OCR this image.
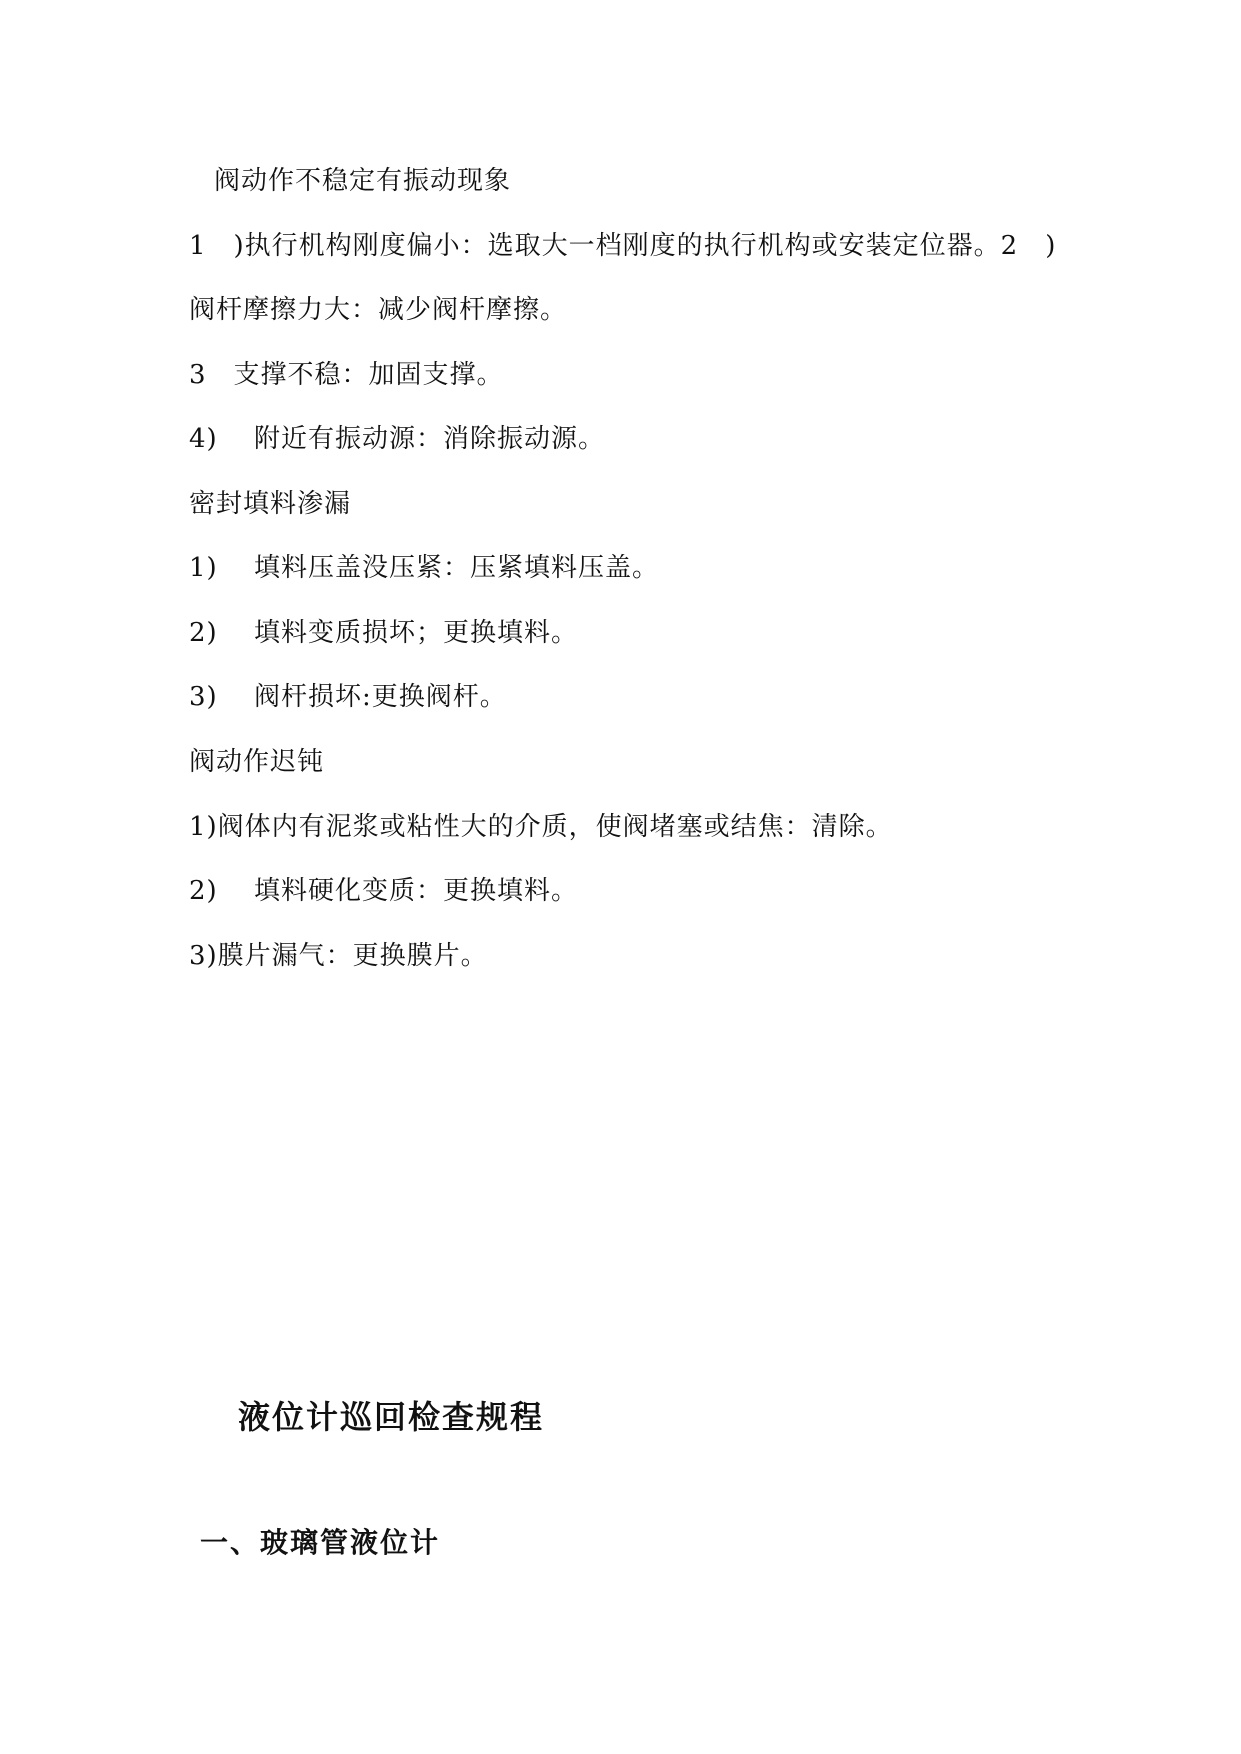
阀动作不稳定有振动现象
1　)执行机构刚度偏小：选取大一档刚度的执行机构或安装定位器。2　)
阀杆摩擦力大：减少阀杆摩擦。
3　支撑不稳：加固支撑。
4)　 附近有振动源：消除振动源。
密封填料渗漏
1)　 填料压盖没压紧：压紧填料压盖。
2)　 填料变质损坏；更换填料。
3)　 阀杆损坏:更换阀杆。
阀动作迟钝
1)阀体内有泥浆或粘性大的介质，使阀堵塞或结焦：清除。
2)　 填料硬化变质：更换填料。
3)膜片漏气：更换膜片。
液位计巡回检查规程
一、玻璃管液位计
